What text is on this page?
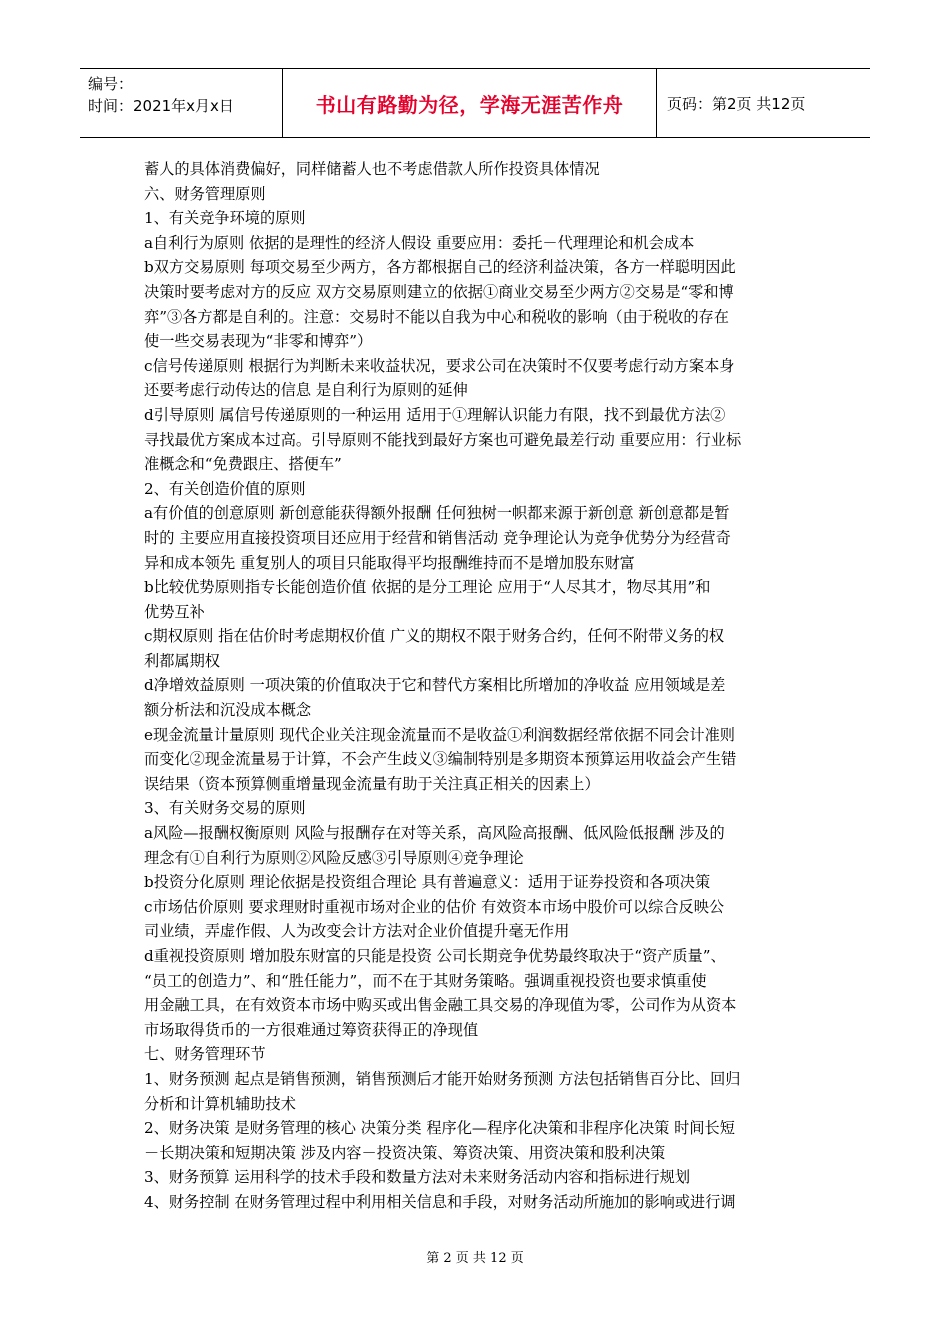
编号：
时间：2021年x月x日	书山有路勤为径，学海无涯苦作舟	页码：第2页 共12页
蓄人的具体消费偏好，同样储蓄人也不考虑借款人所作投资具体情况
六、财务管理原则
1、有关竞争环境的原则
a自利行为原则 依据的是理性的经济人假设 重要应用：委托－代理理论和机会成本
b双方交易原则 每项交易至少两方，各方都根据自己的经济利益决策，各方一样聪明因此
决策时要考虑对方的反应 双方交易原则建立的依据①商业交易至少两方②交易是“零和博
弈”③各方都是自利的。注意：交易时不能以自我为中心和税收的影响（由于税收的存在
使一些交易表现为“非零和博弈”）
c信号传递原则 根据行为判断未来收益状况，要求公司在决策时不仅要考虑行动方案本身
还要考虑行动传达的信息 是自利行为原则的延伸
d引导原则 属信号传递原则的一种运用 适用于①理解认识能力有限，找不到最优方法②
寻找最优方案成本过高。引导原则不能找到最好方案也可避免最差行动 重要应用：行业标
准概念和“免费跟庄、搭便车”
2、有关创造价值的原则
a有价值的创意原则 新创意能获得额外报酬 任何独树一帜都来源于新创意 新创意都是暂
时的 主要应用直接投资项目还应用于经营和销售活动 竞争理论认为竞争优势分为经营奇
异和成本领先 重复别人的项目只能取得平均报酬维持而不是增加股东财富
b比较优势原则指专长能创造价值 依据的是分工理论 应用于“人尽其才，物尽其用”和
优势互补
c期权原则 指在估价时考虑期权价值 广义的期权不限于财务合约，任何不附带义务的权
利都属期权
d净增效益原则 一项决策的价值取决于它和替代方案相比所增加的净收益 应用领域是差
额分析法和沉没成本概念
e现金流量计量原则 现代企业关注现金流量而不是收益①利润数据经常依据不同会计准则
而变化②现金流量易于计算，不会产生歧义③编制特别是多期资本预算运用收益会产生错
误结果（资本预算侧重增量现金流量有助于关注真正相关的因素上）
3、有关财务交易的原则
a风险—报酬权衡原则 风险与报酬存在对等关系，高风险高报酬、低风险低报酬 涉及的
理念有①自利行为原则②风险反感③引导原则④竞争理论
b投资分化原则 理论依据是投资组合理论 具有普遍意义：适用于证券投资和各项决策
c市场估价原则 要求理财时重视市场对企业的估价 有效资本市场中股价可以综合反映公
司业绩，弄虚作假、人为改变会计方法对企业价值提升毫无作用
d重视投资原则 增加股东财富的只能是投资 公司长期竞争优势最终取决于“资产质量”、
“员工的创造力”、和“胜任能力”，而不在于其财务策略。强调重视投资也要求慎重使
用金融工具，在有效资本市场中购买或出售金融工具交易的净现值为零，公司作为从资本
市场取得货币的一方很难通过筹资获得正的净现值
七、财务管理环节
1、财务预测 起点是销售预测，销售预测后才能开始财务预测 方法包括销售百分比、回归
分析和计算机辅助技术
2、财务决策 是财务管理的核心 决策分类 程序化—程序化决策和非程序化决策 时间长短
－长期决策和短期决策 涉及内容－投资决策、筹资决策、用资决策和股利决策
3、财务预算 运用科学的技术手段和数量方法对未来财务活动内容和指标进行规划
4、财务控制 在财务管理过程中利用相关信息和手段，对财务活动所施加的影响或进行调
第 2 页 共 12 页
